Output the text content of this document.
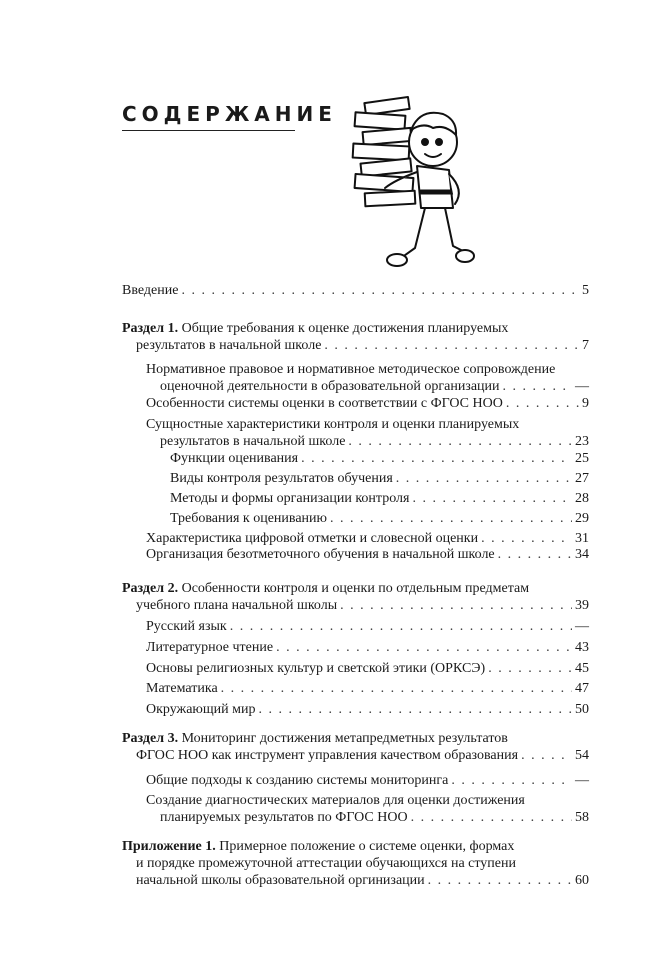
СОДЕРЖАНИЕ
Введение . . .	5
Раздел 1. Общие требования к оценке достижения планируемых
результатов в начальной школе . . .	7
Нормативное правовое и нормативное методическое сопровождение
оценочной деятельности в образовательной организации . . .	—
Особенности системы оценки в соответствии с ФГОС НОО . . .	9
Сущностные характеристики контроля и оценки планируемых
результатов в начальной школе . . .	23
Функции оценивания . . .	25
Виды контроля результатов обучения . . .	27
Методы и формы организации контроля . . .	28
Требования к оцениванию . . .	29
Характеристика цифровой отметки и словесной оценки . . .	31
Организация безотметочного обучения в начальной школе . . .	34
Раздел 2. Особенности контроля и оценки по отдельным предметам
учебного плана начальной школы . . .	39
Русский язык . . .	—
Литературное чтение . . .	43
Основы религиозных культур и светской этики (ОРКСЭ) . . .	45
Математика . . .	47
Окружающий мир . . .	50
Раздел 3. Мониторинг достижения метапредметных результатов
ФГОС НОО как инструмент управления качеством образования . . .	54
Общие подходы к созданию системы мониторинга . . .	—
Создание диагностических материалов для оценки достижения
планируемых результатов по ФГОС НОО . . .	58
Приложение 1. Примерное положение о системе оценки, формах
и порядке промежуточной аттестации обучающихся на ступени
начальной школы образовательной оргинизации . . .	60
